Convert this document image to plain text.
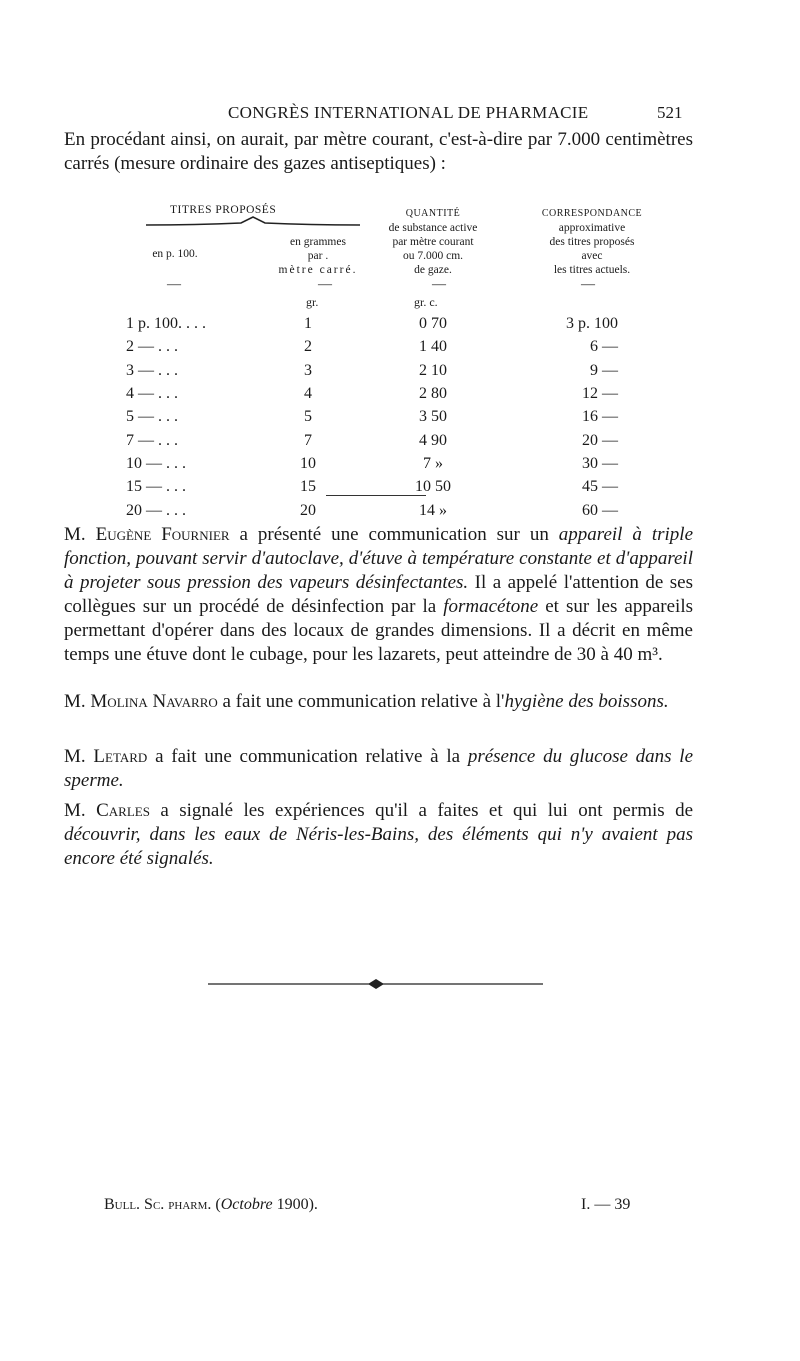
CONGRÈS INTERNATIONAL DE PHARMACIE	521
En procédant ainsi, on aurait, par mètre courant, c'est-à-dire par 7.000 centimètres carrés (mesure ordinaire des gazes antiseptiques) :
TITRES PROPOSÉS
en p. 100.
en grammes
par .
mètre carré.
QUANTITÉ
de substance active
par mètre courant
ou 7.000 cm.
de gaze.
CORRESPONDANCE
approximative
des titres proposés
avec
les titres actuels.
—	—	—	—
gr.	gr. c.
1 p. 100. . . .	1	0 70	3 p. 100
2 — . . .	2	1 40	6 —
3 — . . .	3	2 10	9 —
4 — . . .	4	2 80	12 —
5 — . . .	5	3 50	16 —
7 — . . .	7	4 90	20 —
10 — . . .	10	7 »	30 —
15 — . . .	15	10 50	45 —
20 — . . .	20	14 »	60 —
M. Eugène Fournier a présenté une communication sur un appareil à triple fonction, pouvant servir d'autoclave, d'étuve à température constante et d'appareil à projeter sous pression des vapeurs désinfectantes. Il a appelé l'attention de ses collègues sur un procédé de désinfection par la formacétone et sur les appareils permettant d'opérer dans des locaux de grandes dimensions. Il a décrit en même temps une étuve dont le cubage, pour les lazarets, peut atteindre de 30 à 40 m³.
M. Molina Navarro a fait une communication relative à l'hygiène des boissons.
M. Letard a fait une communication relative à la présence du glucose dans le sperme.
M. Carles a signalé les expériences qu'il a faites et qui lui ont permis de découvrir, dans les eaux de Néris-les-Bains, des éléments qui n'y avaient pas encore été signalés.
Bull. Sc. pharm. (Octobre 1900).	I. — 39
